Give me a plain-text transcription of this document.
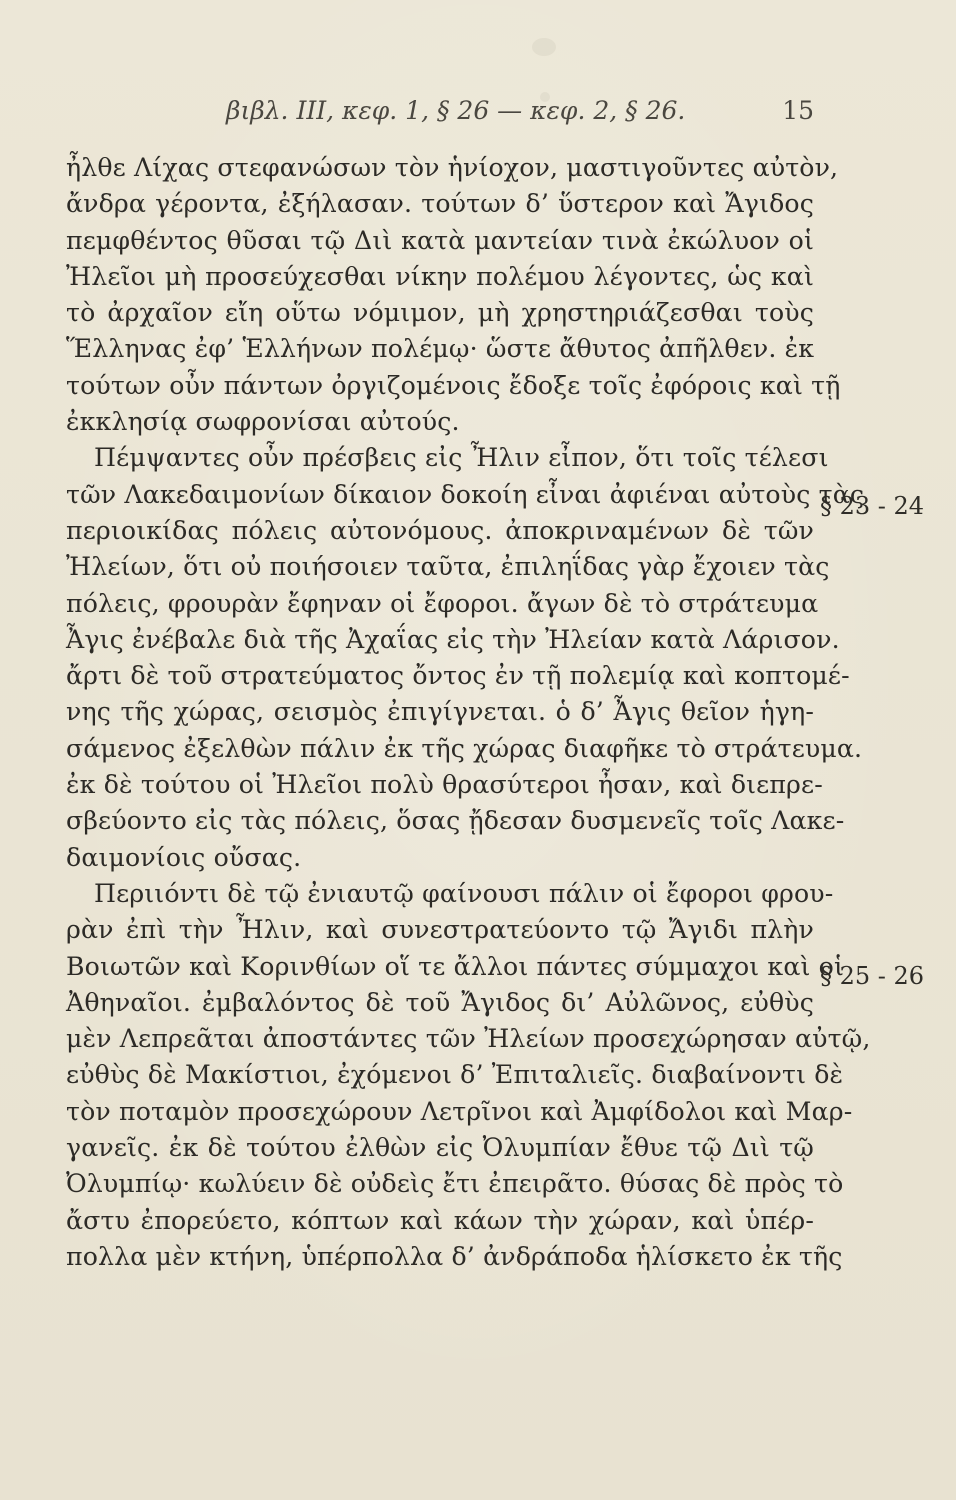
βιβλ. III, κεφ. 1, § 26 — κεφ. 2, § 26.	15
ἦλθε Λίχας στεφανώσων τὸν ἡνίοχον, μαστιγοῦντες αὐτὸν,
ἄνδρα γέροντα, ἐξήλασαν. τούτων δ’ ὕστερον καὶ Ἄγιδος
πεμφθέντος θῦσαι τῷ Διὶ κατὰ μαντείαν τινὰ ἐκώλυον οἱ
Ἠλεῖοι μὴ προσεύχεσθαι νίκην πολέμου λέγοντες, ὡς καὶ
τὸ ἀρχαῖον εἴη οὕτω νόμιμον, μὴ χρηστηριάζεσθαι τοὺς
Ἕλληνας ἐφ’ Ἑλλήνων πολέμῳ· ὥστε ἄθυτος ἀπῆλθεν. ἐκ
τούτων οὖν πάντων ὀργιζομένοις ἔδοξε τοῖς ἐφόροις καὶ τῇ
ἐκκλησίᾳ σωφρονίσαι αὐτούς.
Πέμψαντες οὖν πρέσβεις εἰς Ἦλιν εἶπον, ὅτι τοῖς τέλεσι
τῶν Λακεδαιμονίων δίκαιον δοκοίη εἶναι ἀφιέναι αὐτοὺς τὰς
περιοικίδας πόλεις αὐτονόμους. ἀποκριναμένων δὲ τῶν
Ἠλείων, ὅτι οὐ ποιήσοιεν ταῦτα, ἐπιληΐδας γὰρ ἔχοιεν τὰς
πόλεις, φρουρὰν ἔφηναν οἱ ἔφοροι. ἄγων δὲ τὸ στράτευμα
Ἆγις ἐνέβαλε διὰ τῆς Ἀχαΐας εἰς τὴν Ἠλείαν κατὰ Λάρισον.
ἄρτι δὲ τοῦ στρατεύματος ὄντος ἐν τῇ πολεμίᾳ καὶ κοπτομέ-
νης τῆς χώρας, σεισμὸς ἐπιγίγνεται. ὁ δ’ Ἆγις θεῖον ἡγη-
σάμενος ἐξελθὼν πάλιν ἐκ τῆς χώρας διαφῆκε τὸ στράτευμα.
ἐκ δὲ τούτου οἱ Ἠλεῖοι πολὺ θρασύτεροι ἦσαν, καὶ διεπρε-
σβεύοντο εἰς τὰς πόλεις, ὅσας ᾔδεσαν δυσμενεῖς τοῖς Λακε-
δαιμονίοις οὔσας.
Περιιόντι δὲ τῷ ἐνιαυτῷ φαίνουσι πάλιν οἱ ἔφοροι φρου-
ρὰν ἐπὶ τὴν Ἦλιν, καὶ συνεστρατεύοντο τῷ Ἄγιδι πλὴν
Βοιωτῶν καὶ Κορινθίων οἵ τε ἄλλοι πάντες σύμμαχοι καὶ οἱ
Ἀθηναῖοι. ἐμβαλόντος δὲ τοῦ Ἄγιδος δι’ Αὐλῶνος, εὐθὺς
μὲν Λεπρεᾶται ἀποστάντες τῶν Ἠλείων προσεχώρησαν αὐτῷ,
εὐθὺς δὲ Μακίστιοι, ἐχόμενοι δ’ Ἐπιταλιεῖς. διαβαίνοντι δὲ
τὸν ποταμὸν προσεχώρουν Λετρῖνοι καὶ Ἀμφίδολοι καὶ Μαρ-
γανεῖς. ἐκ δὲ τούτου ἐλθὼν εἰς Ὀλυμπίαν ἔθυε τῷ Διὶ τῷ
Ὀλυμπίῳ· κωλύειν δὲ οὐδεὶς ἔτι ἐπειρᾶτο. θύσας δὲ πρὸς τὸ
ἄστυ ἐπορεύετο, κόπτων καὶ κάων τὴν χώραν, καὶ ὑπέρ-
πολλα μὲν κτήνη, ὑπέρπολλα δ’ ἀνδράποδα ἡλίσκετο ἐκ τῆς
§ 23 - 24
§ 25 - 26
